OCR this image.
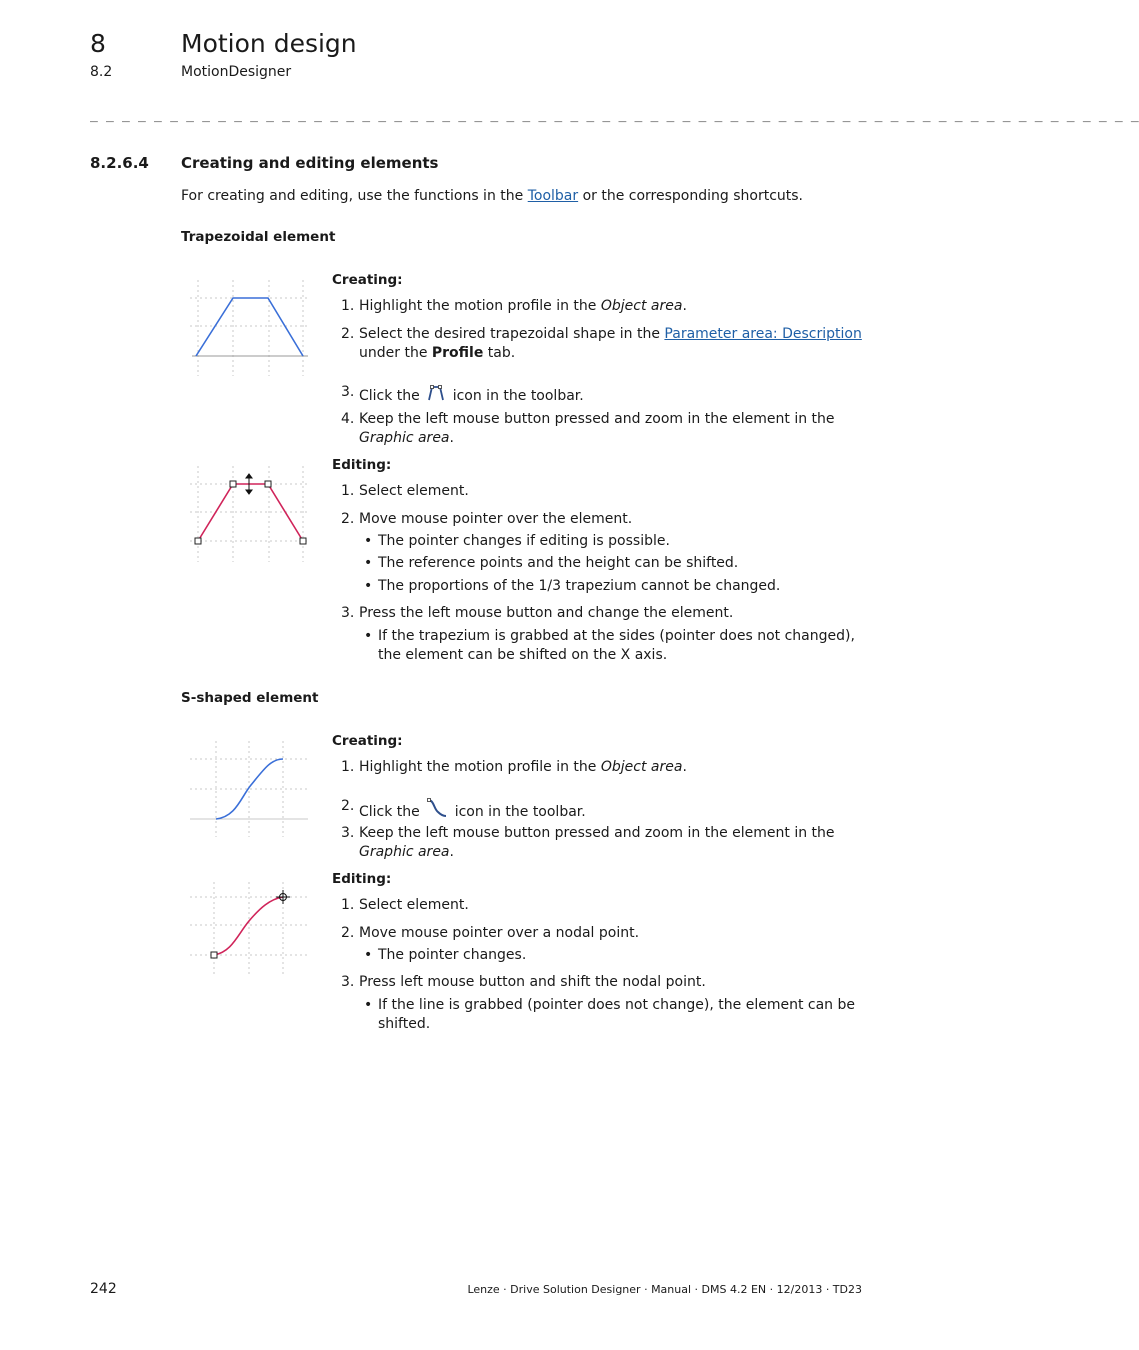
8	Motion design
8.2	MotionDesigner
_ _ _ _ _ _ _ _ _ _ _ _ _ _ _ _ _ _ _ _ _ _ _ _ _ _ _ _ _ _ _ _ _ _ _ _ _ _ _ _ _ _ _ _ _ _ _ _ _ _ _ _ _ _ _ _ _ _ _ _ _ _ _ _ _ _
8.2.6.4 Creating and editing elements
For creating and editing, use the functions in the Toolbar or the corresponding shortcuts.
Trapezoidal element
Creating:
1. Highlight the motion profile in the Object area.
2. Select the desired trapezoidal shape in the Parameter area: Description under the Profile tab.
3. Click the  icon in the toolbar.
4. Keep the left mouse button pressed and zoom in the element in the Graphic area.
Editing:
1. Select element.
2. Move mouse pointer over the element.
• The pointer changes if editing is possible.
• The reference points and the height can be shifted.
• The proportions of the 1/3 trapezium cannot be changed.
3. Press the left mouse button and change the element.
• If the trapezium is grabbed at the sides (pointer does not changed), the element can be shifted on the X axis.
S-shaped element
Creating:
1. Highlight the motion profile in the Object area.
2. Click the  icon in the toolbar.
3. Keep the left mouse button pressed and zoom in the element in the Graphic area.
Editing:
1. Select element.
2. Move mouse pointer over a nodal point.
• The pointer changes.
3. Press left mouse button and shift the nodal point.
• If the line is grabbed (pointer does not change), the element can be shifted.
242	Lenze · Drive Solution Designer · Manual · DMS 4.2 EN · 12/2013 · TD23
